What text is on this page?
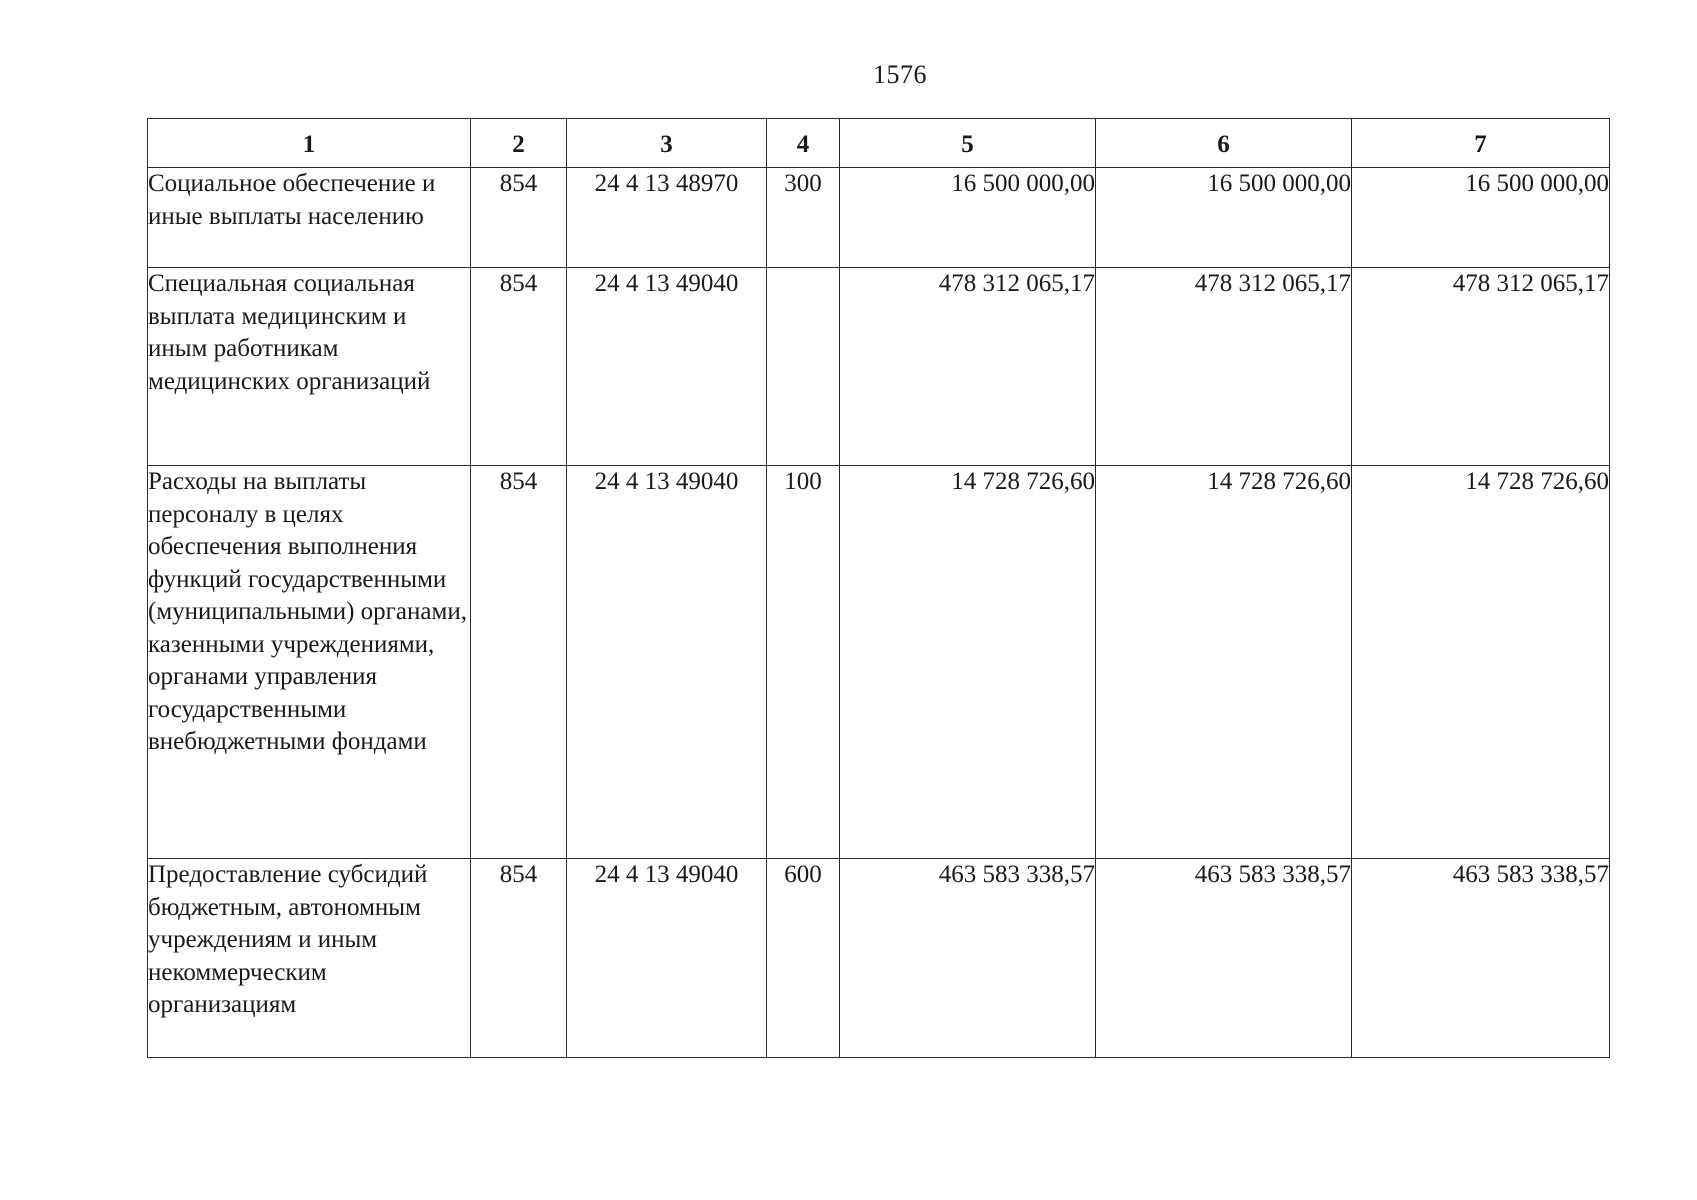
1576
1	2	3	4	5	6	7
Социальное обеспечение и иные выплаты населению	854	24 4 13 48970	300	16 500 000,00	16 500 000,00	16 500 000,00
Специальная социальная выплата медицинским и иным работникам медицинских организаций	854	24 4 13 49040		478 312 065,17	478 312 065,17	478 312 065,17
Расходы на выплаты персоналу в целях обеспечения выполнения функций государственными (муниципальными) органами, казенными учреждениями, органами управления государственными внебюджетными фондами	854	24 4 13 49040	100	14 728 726,60	14 728 726,60	14 728 726,60
Предоставление субсидий бюджетным, автономным учреждениям и иным некоммерческим организациям	854	24 4 13 49040	600	463 583 338,57	463 583 338,57	463 583 338,57
